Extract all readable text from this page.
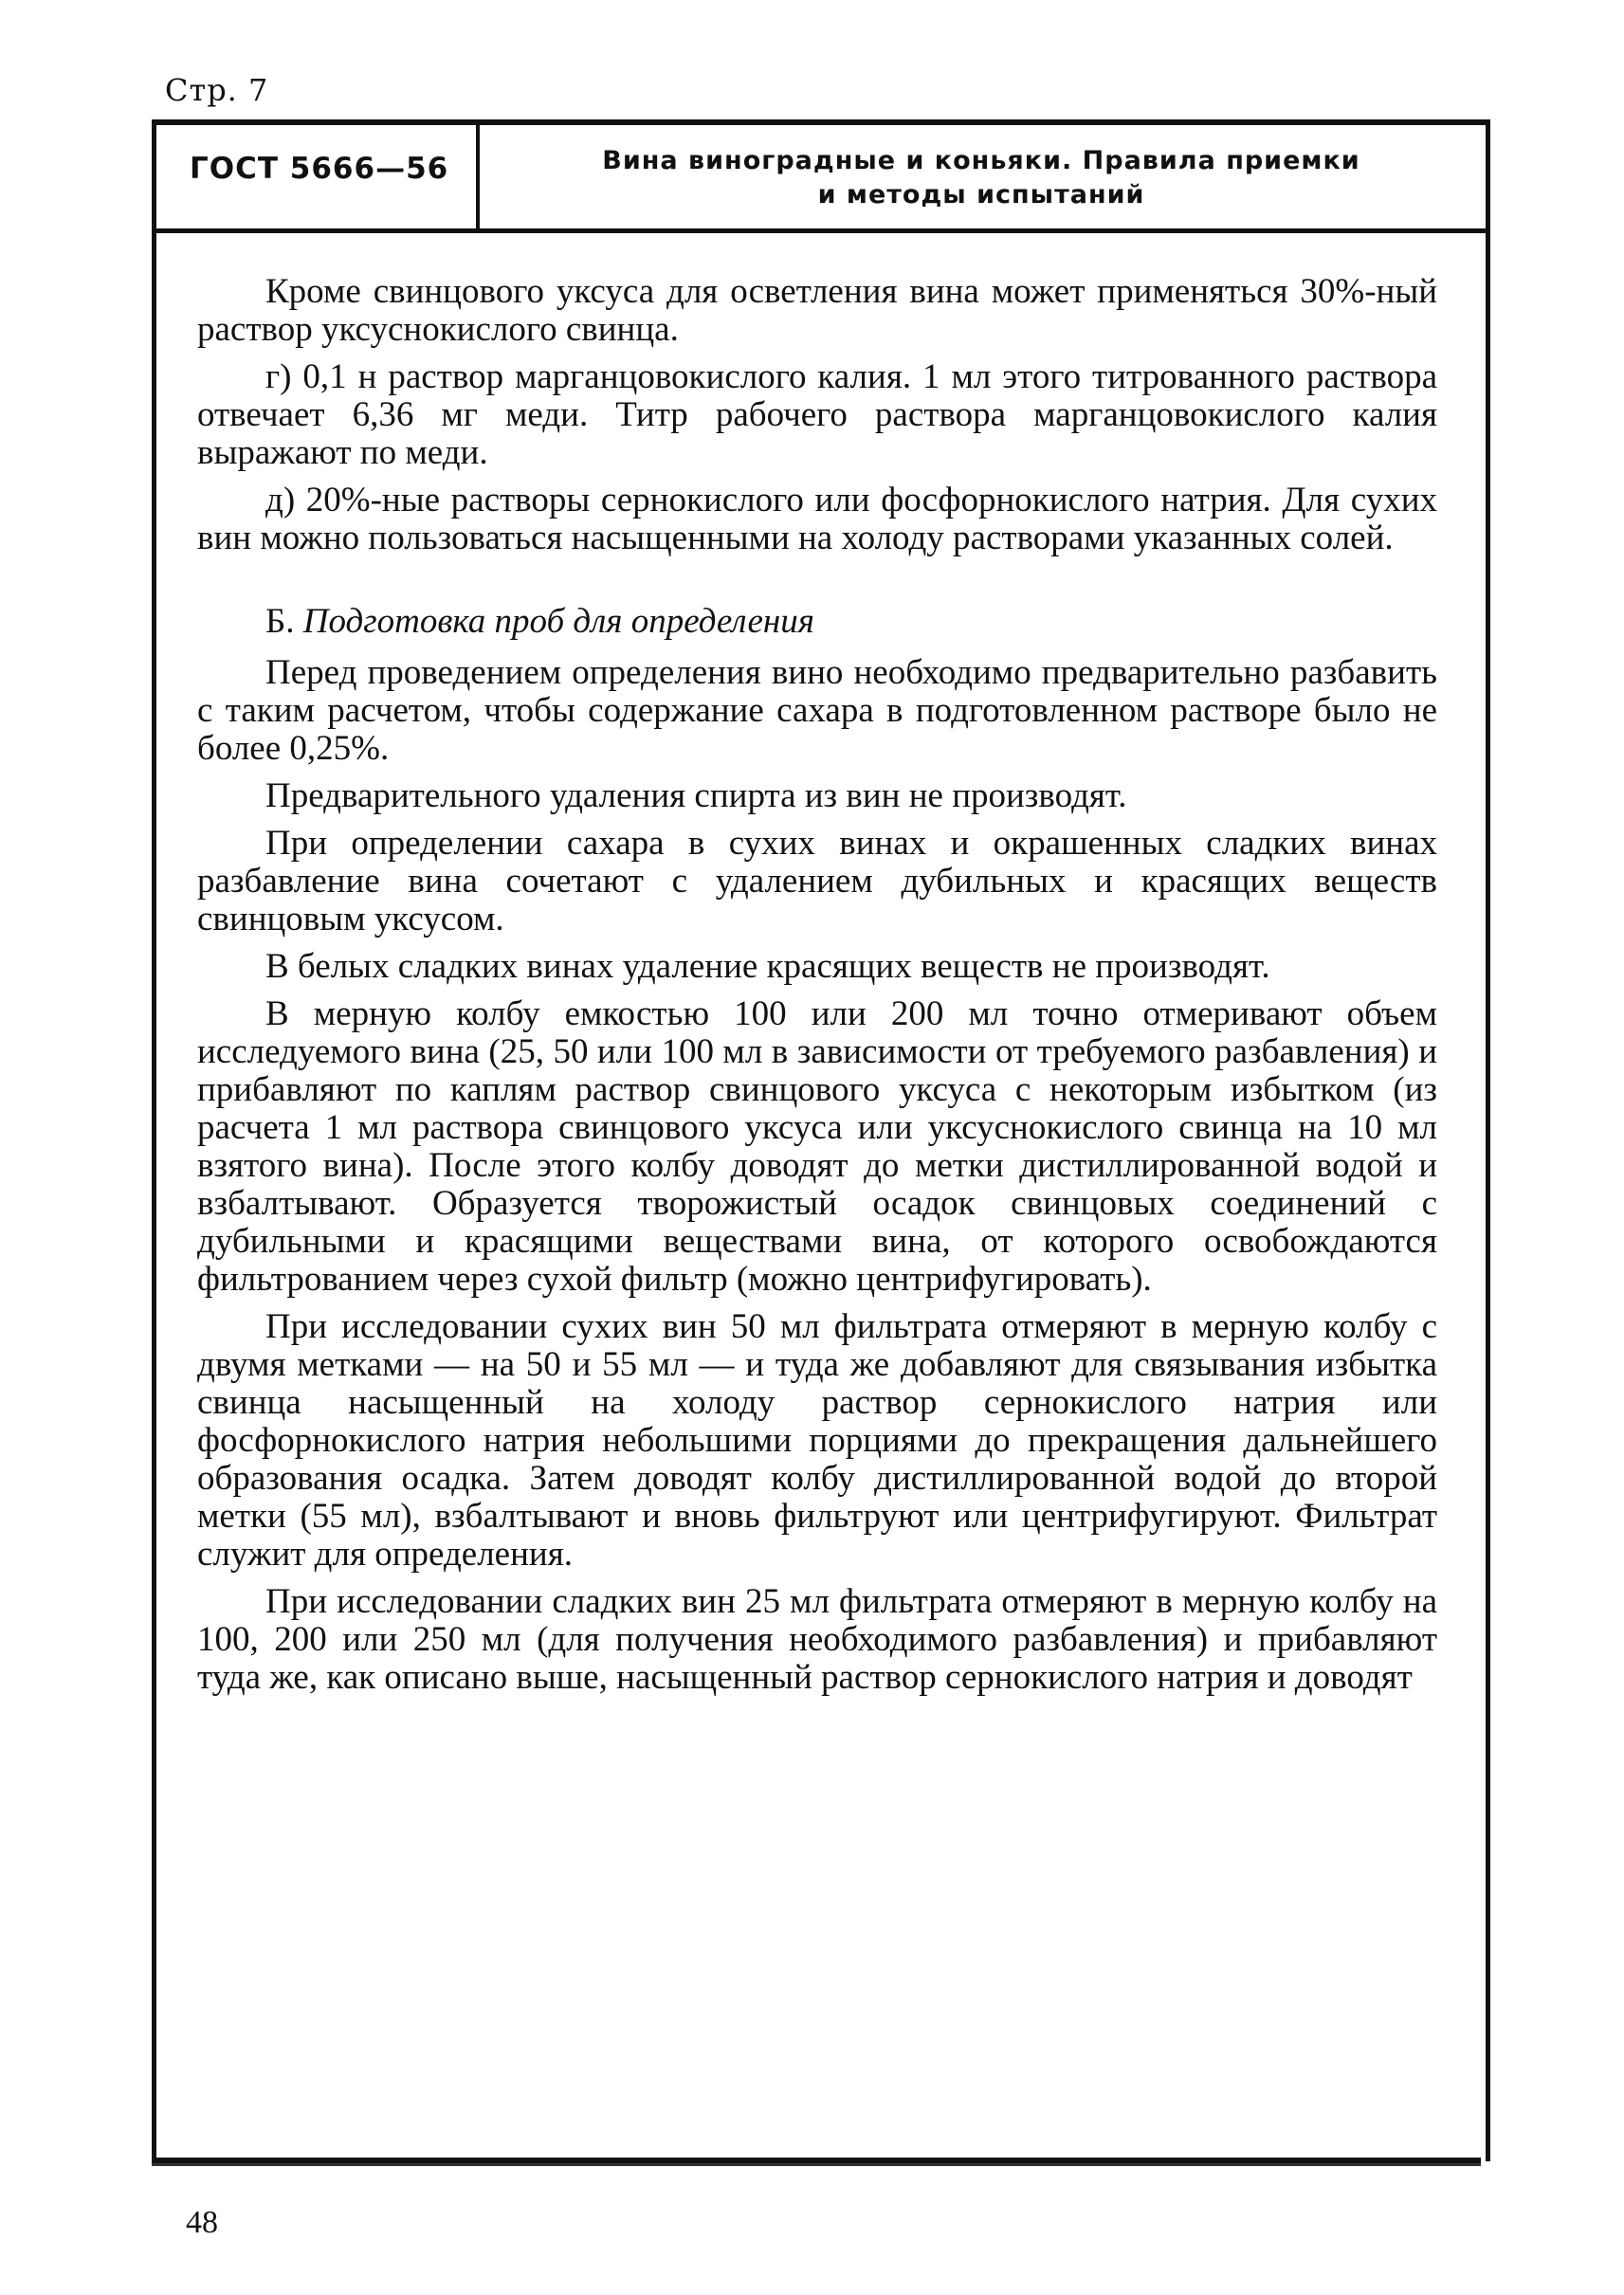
Стр. 7
ГОСТ 5666—56	Вина виноградные и коньяки. Правила приемки
и методы испытаний

Кроме свинцового уксуса для осветления вина может применяться 30%-ный раствор уксуснокислого свинца.

г) 0,1 н раствор марганцовокислого калия. 1 мл этого титрованного раствора отвечает 6,36 мг меди. Титр рабочего раствора марганцовокислого калия выражают по меди.

д) 20%-ные растворы сернокислого или фосфорнокислого натрия. Для сухих вин можно пользоваться насыщенными на холоду растворами указанных солей.

Б. Подготовка проб для определения

Перед проведением определения вино необходимо предварительно разбавить с таким расчетом, чтобы содержание сахара в подготовленном растворе было не более 0,25%.

Предварительного удаления спирта из вин не производят.

При определении сахара в сухих винах и окрашенных сладких винах разбавление вина сочетают с удалением дубильных и красящих веществ свинцовым уксусом.

В белых сладких винах удаление красящих веществ не производят.

В мерную колбу емкостью 100 или 200 мл точно отмеривают объем исследуемого вина (25, 50 или 100 мл в зависимости от требуемого разбавления) и прибавляют по каплям раствор свинцового уксуса с некоторым избытком (из расчета 1 мл раствора свинцового уксуса или уксуснокислого свинца на 10 мл взятого вина). После этого колбу доводят до метки дистиллированной водой и взбалтывают. Образуется творожистый осадок свинцовых соединений с дубильными и красящими веществами вина, от которого освобождаются фильтрованием через сухой фильтр (можно центрифугировать).

При исследовании сухих вин 50 мл фильтрата отмеряют в мерную колбу с двумя метками — на 50 и 55 мл — и туда же добавляют для связывания избытка свинца насыщенный на холоду раствор сернокислого натрия или фосфорнокислого натрия небольшими порциями до прекращения дальнейшего образования осадка. Затем доводят колбу дистиллированной водой до второй метки (55 мл), взбалтывают и вновь фильтруют или центрифугируют. Фильтрат служит для определения.

При исследовании сладких вин 25 мл фильтрата отмеряют в мерную колбу на 100, 200 или 250 мл (для получения необходимого разбавления) и прибавляют туда же, как описано выше, насыщенный раствор сернокислого натрия и доводят

48
